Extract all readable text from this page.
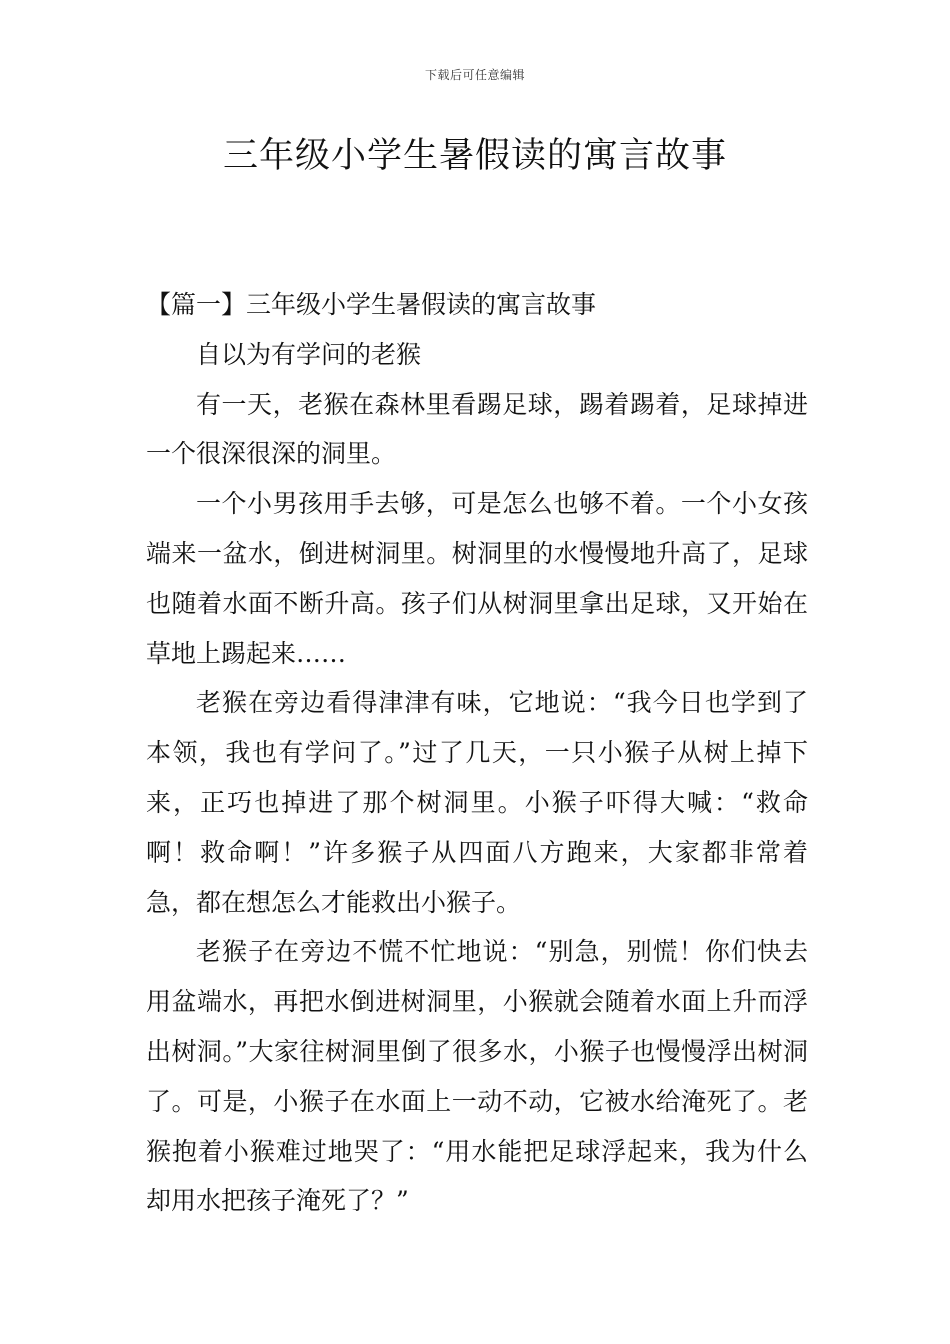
下载后可任意编辑
三年级小学生暑假读的寓言故事

【篇一】三年级小学生暑假读的寓言故事

自以为有学问的老猴

有一天，老猴在森林里看踢足球，踢着踢着，足球掉进一个很深很深的洞里。

一个小男孩用手去够，可是怎么也够不着。一个小女孩端来一盆水，倒进树洞里。树洞里的水慢慢地升高了，足球也随着水面不断升高。孩子们从树洞里拿出足球，又开始在草地上踢起来……

老猴在旁边看得津津有味，它地说：“我今日也学到了本领，我也有学问了。”过了几天，一只小猴子从树上掉下来，正巧也掉进了那个树洞里。小猴子吓得大喊：“救命啊！救命啊！”许多猴子从四面八方跑来，大家都非常着急，都在想怎么才能救出小猴子。

老猴子在旁边不慌不忙地说：“别急，别慌！你们快去用盆端水，再把水倒进树洞里，小猴就会随着水面上升而浮出树洞。”大家往树洞里倒了很多水，小猴子也慢慢浮出树洞了。可是，小猴子在水面上一动不动，它被水给淹死了。老猴抱着小猴难过地哭了：“用水能把足球浮起来，我为什么却用水把孩子淹死了？”
